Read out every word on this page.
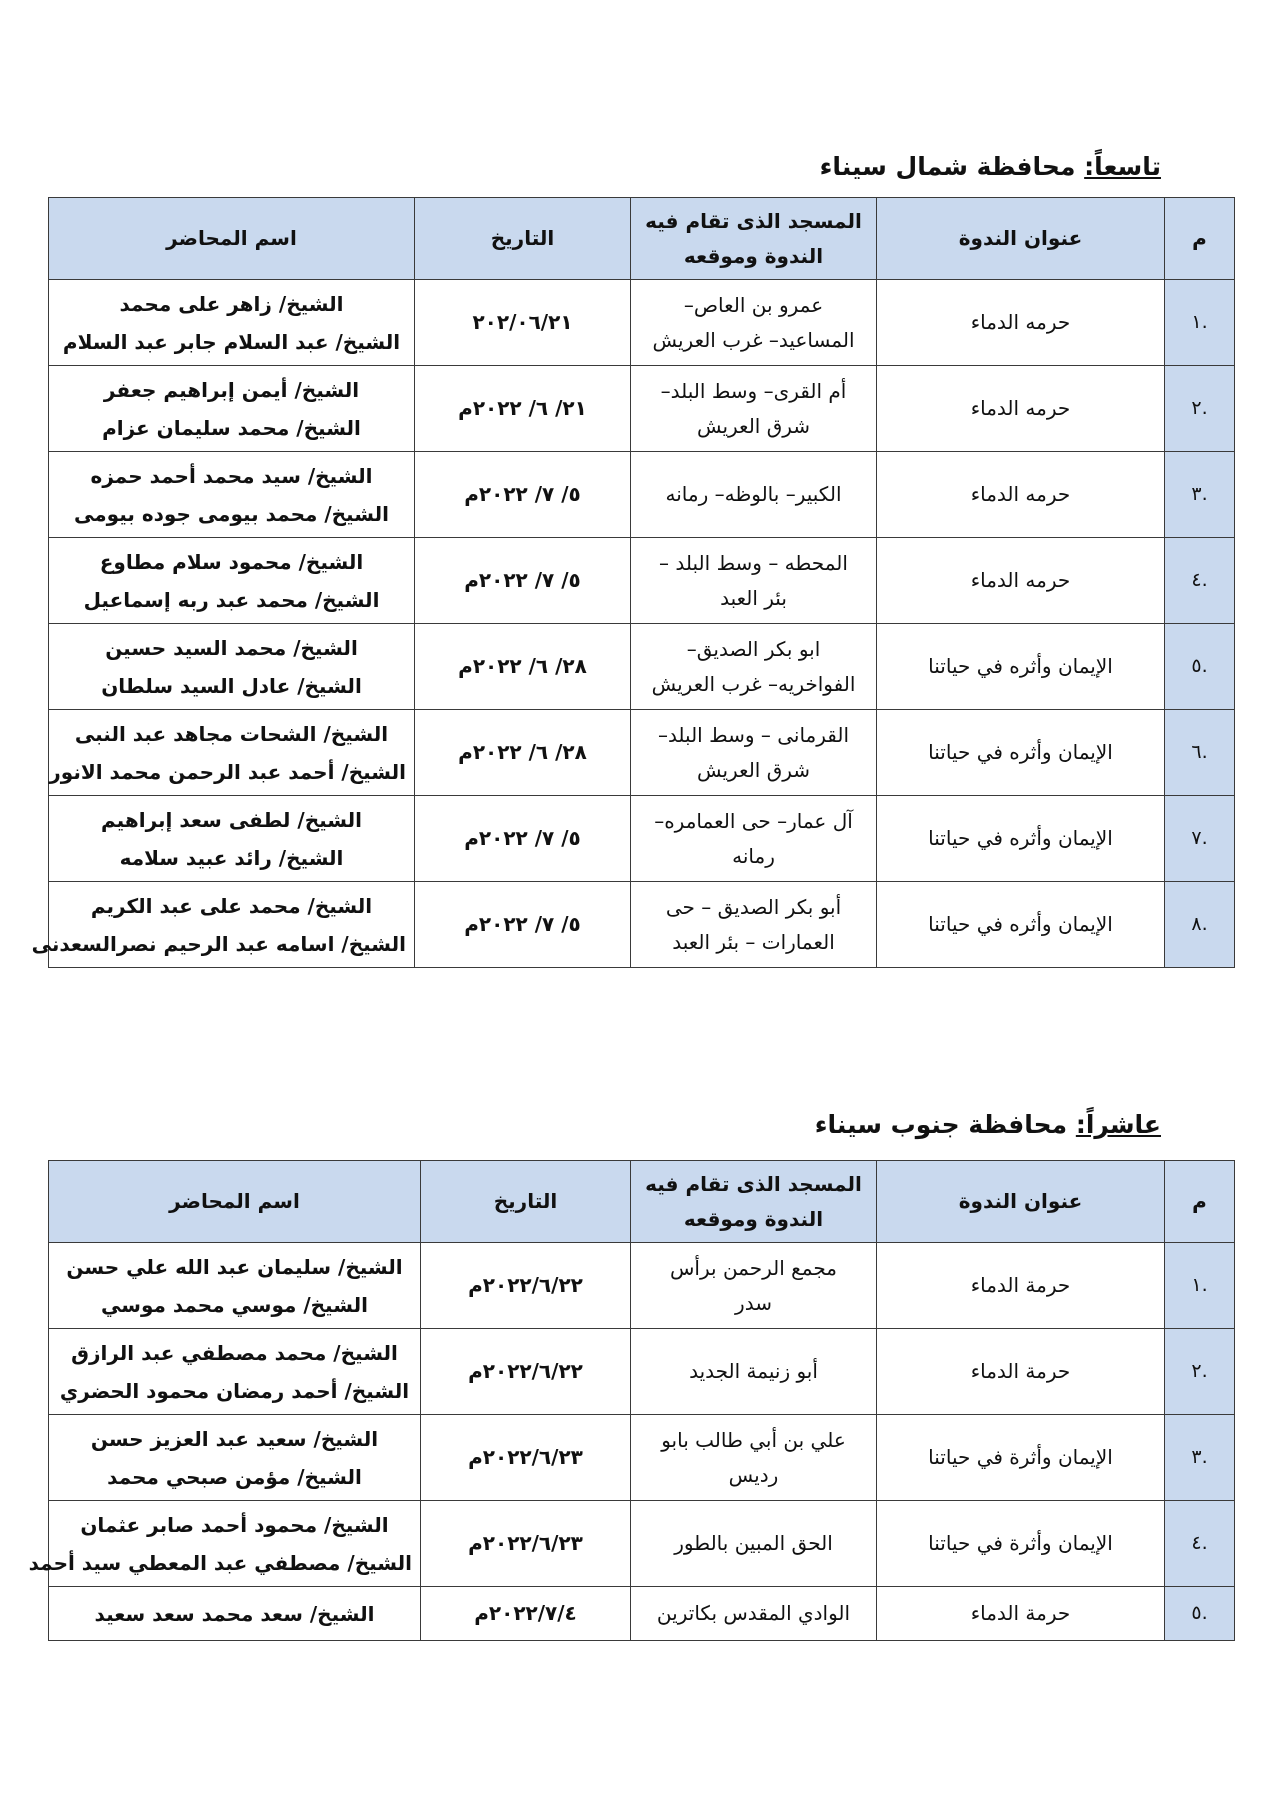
تاسعاً: محافظة شمال سيناء
م	عنوان الندوة	المسجد الذى تقام فيه الندوة وموقعه	التاريخ	اسم المحاضر
.١	حرمه الدماء	عمرو بن العاص–
المساعيد– غرب العريش	٢٠٢/٠٦/٢١	الشيخ/ زاهر على محمد
الشيخ/ عبد السلام جابر عبد السلام

.٢	حرمه الدماء	أم القرى– وسط البلد–
شرق العريش	٢١/ ٦/ ٢٠٢٢م	الشيخ/ أيمن إبراهيم جعفر
الشيخ/ محمد سليمان عزام

.٣	حرمه الدماء	الكبير– بالوظه– رمانه	٥/ ٧/ ٢٠٢٢م	الشيخ/ سيد محمد أحمد حمزه
الشيخ/ محمد بيومى جوده بيومى

.٤	حرمه الدماء	المحطه – وسط البلد –
بئر العبد	٥/ ٧/ ٢٠٢٢م	الشيخ/ محمود سلام مطاوع
الشيخ/ محمد عبد ربه إسماعيل

.٥	الإيمان وأثره في حياتنا	ابو بكر الصديق–
الفواخريه– غرب العريش	٢٨/ ٦/ ٢٠٢٢م	الشيخ/ محمد السيد حسين
الشيخ/ عادل السيد سلطان

.٦	الإيمان وأثره في حياتنا	القرمانى – وسط البلد–
شرق العريش	٢٨/ ٦/ ٢٠٢٢م	الشيخ/ الشحات مجاهد عبد النبى
الشيخ/ أحمد عبد الرحمن محمد الانور

.٧	الإيمان وأثره في حياتنا	آل عمار– حى العمامره–
رمانه	٥/ ٧/ ٢٠٢٢م	الشيخ/ لطفى سعد إبراهيم
الشيخ/ رائد عبيد سلامه

.٨	الإيمان وأثره في حياتنا	أبو بكر الصديق – حى
العمارات – بئر العبد	٥/ ٧/ ٢٠٢٢م	الشيخ/ محمد على عبد الكريم
الشيخ/ اسامه عبد الرحيم نصرالسعدنى
عاشراً: محافظة جنوب سيناء
م	عنوان الندوة	المسجد الذى تقام فيه الندوة وموقعه	التاريخ	اسم المحاضر
.١	حرمة الدماء	مجمع الرحمن برأس
سدر	٢٠٢٢/٦/٢٢م	الشيخ/ سليمان عبد الله علي حسن
الشيخ/ موسي محمد موسي

.٢	حرمة الدماء	أبو زنيمة الجديد	٢٠٢٢/٦/٢٢م	الشيخ/ محمد مصطفي عبد الرازق
الشيخ/ أحمد رمضان محمود الحضري

.٣	الإيمان وأثرة في حياتنا	علي بن أبي طالب بابو
رديس	٢٠٢٢/٦/٢٣م	الشيخ/ سعيد عبد العزيز حسن
الشيخ/ مؤمن صبحي محمد

.٤	الإيمان وأثرة في حياتنا	الحق المبين بالطور	٢٠٢٢/٦/٢٣م	الشيخ/ محمود أحمد صابر عثمان
الشيخ/ مصطفي عبد المعطي سيد أحمد

.٥	حرمة الدماء	الوادي المقدس بكاترين	٢٠٢٢/٧/٤م	الشيخ/ سعد محمد سعد سعيد
